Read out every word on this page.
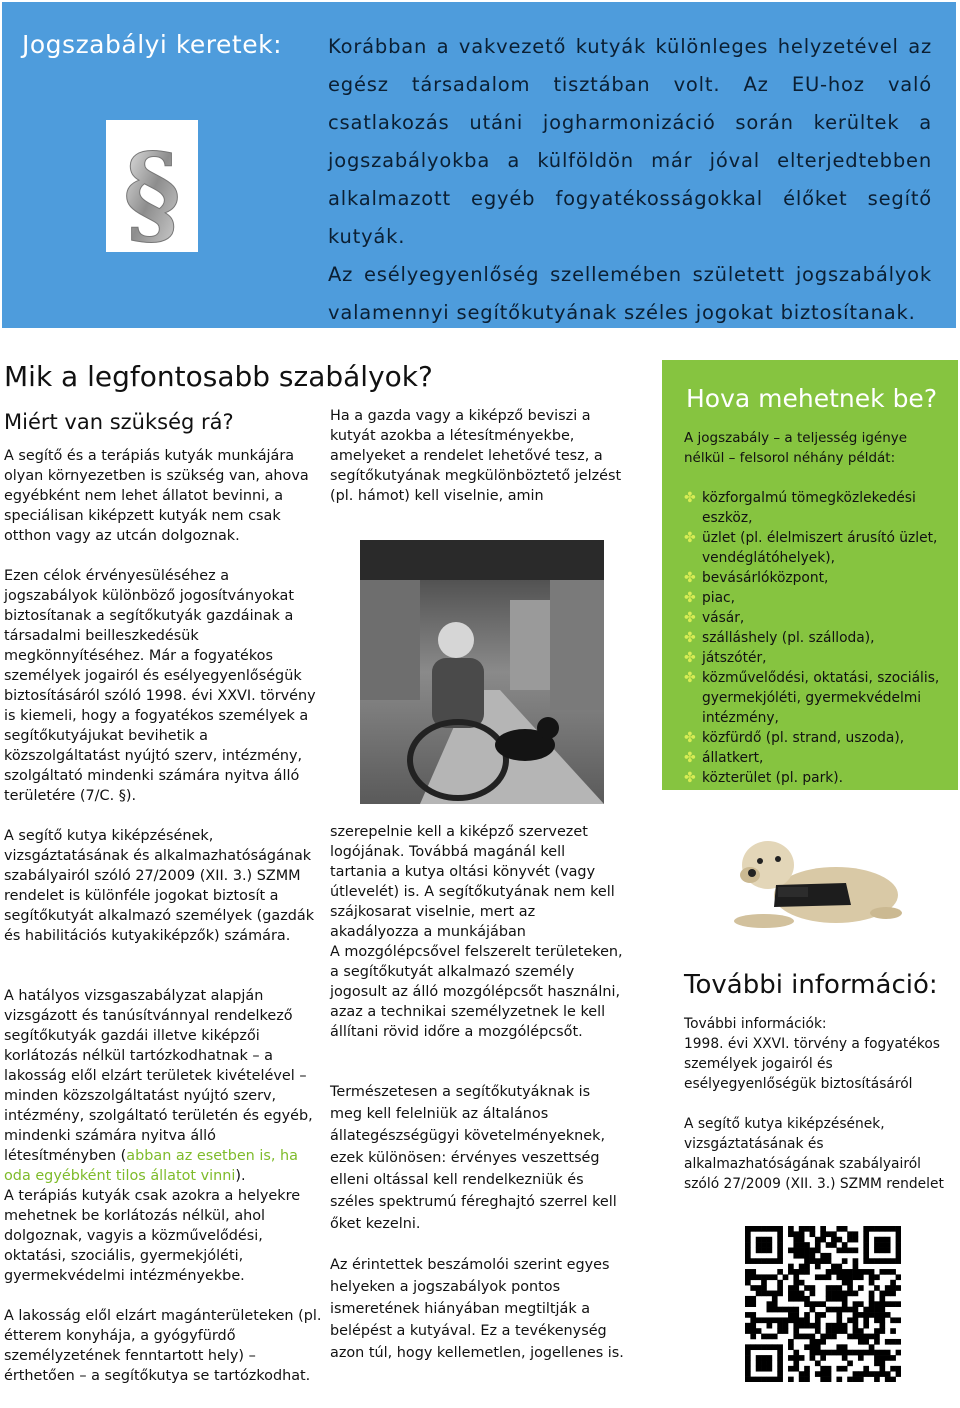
Jogszabályi keretek:
§

Korábban a vakvezető kutyák különleges helyzetével az egész társadalom tisztában volt. Az EU-hoz való csatlakozás utáni jogharmonizáció során kerültek a jogszabályokba a külföldön már jóval elterjedtebben alkalmazott egyéb fogyatékosságokkal élőket segítő kutyák.

Az esélyegyenlőség szellemében született jogszabályok valamennyi segítőkutyának széles jogokat biztosítanak.

Mik a legfontosabb szabályok?
Miért van szükség rá?

A segítő és a terápiás kutyák munkájára olyan környezetben is szükség van, ahova egyébként nem lehet állatot bevinni, a speciálisan kiképzett kutyák nem csak otthon vagy az utcán dolgoznak.

Ezen célok érvényesüléséhez a jogszabályok különböző jogosítványokat biztosítanak a segítőkutyák gazdáinak a társadalmi beilleszkedésük megkönnyítéséhez. Már a fogyatékos személyek jogairól és esélyegyenlőségük biztosításáról szóló 1998. évi XXVI. törvény is kiemeli, hogy a fogyatékos személyek a segítőkutyájukat bevihetik a közszolgáltatást nyújtó szerv, intézmény, szolgáltató mindenki számára nyitva álló területére (7/C. §).

A segítő kutya kiképzésének, vizsgáztatásának és alkalmazhatóságának szabályairól szóló 27/2009 (XII. 3.) SZMM rendelet is különféle jogokat biztosít a segítőkutyát alkalmazó személyek (gazdák és habilitációs kutyakiképzők) számára.

A hatályos vizsgaszabályzat alapján vizsgázott és tanúsítvánnyal rendelkező segítőkutyák gazdái illetve kiképzői korlátozás nélkül tartózkodhatnak – a lakosság elől elzárt területek kivételével – minden közszolgáltatást nyújtó szerv, intézmény, szolgáltató területén és egyéb, mindenki számára nyitva álló létesítményben (abban az esetben is, ha oda egyébként tilos állatot vinni).
A terápiás kutyák csak azokra a helyekre mehetnek be korlátozás nélkül, ahol dolgoznak, vagyis a közművelődési, oktatási, szociális, gyermekjóléti, gyermekvédelmi intézményekbe.

A lakosság elől elzárt magánterületeken (pl. étterem konyhája, a gyógyfürdő személyzetének fenntartott hely) – érthetően – a segítőkutya se tartózkodhat.

Ha a gazda vagy a kiképző beviszi a kutyát azokba a létesítményekbe, amelyeket a rendelet lehetővé tesz, a segítőkutyának megkülönböztető jelzést (pl. hámot) kell viselnie, amin

szerepelnie kell a kiképző szervezet logójának. Továbbá magánál kell tartania a kutya oltási könyvét (vagy útlevelét) is. A segítőkutyának nem kell szájkosarat viselnie, mert az akadályozza a munkájában
A mozgólépcsővel felszerelt területeken, a segítőkutyát alkalmazó személy jogosult az álló mozgólépcsőt használni, azaz a technikai személyzetnek le kell állítani rövid időre a mozgólépcsőt.

Természetesen a segítőkutyáknak is meg kell felelniük az általános állategészségügyi követelményeknek, ezek különösen: érvényes veszettség elleni oltással kell rendelkezniük és széles spektrumú féreghajtó szerrel kell őket kezelni.

Az érintettek beszámolói szerint egyes helyeken a jogszabályok pontos ismeretének hiányában megtiltják a belépést a kutyával. Ez a tevékenység azon túl, hogy kellemetlen, jogellenes is.

Hova mehetnek be?
A jogszabály – a teljesség igénye nélkül – felsorol néhány példát:
✤ közforgalmú tömegközlekedési eszköz,
✤ üzlet (pl. élelmiszert árusító üzlet, vendéglátóhelyek),
✤ bevásárlóközpont,
✤ piac,
✤ vásár,
✤ szálláshely (pl. szálloda),
✤ játszótér,
✤ közművelődési, oktatási, szociális, gyermekjóléti, gyermekvédelmi intézmény,
✤ közfürdő (pl. strand, uszoda),
✤ állatkert,
✤ közterület (pl. park).
További információ:
További információk:
1998. évi XXVI. törvény a fogyatékos személyek jogairól és esélyegyenlőségük biztosításáról
A segítő kutya kiképzésének, vizsgáztatásának és alkalmazhatóságának szabályairól szóló 27/2009 (XII. 3.) SZMM rendelet
